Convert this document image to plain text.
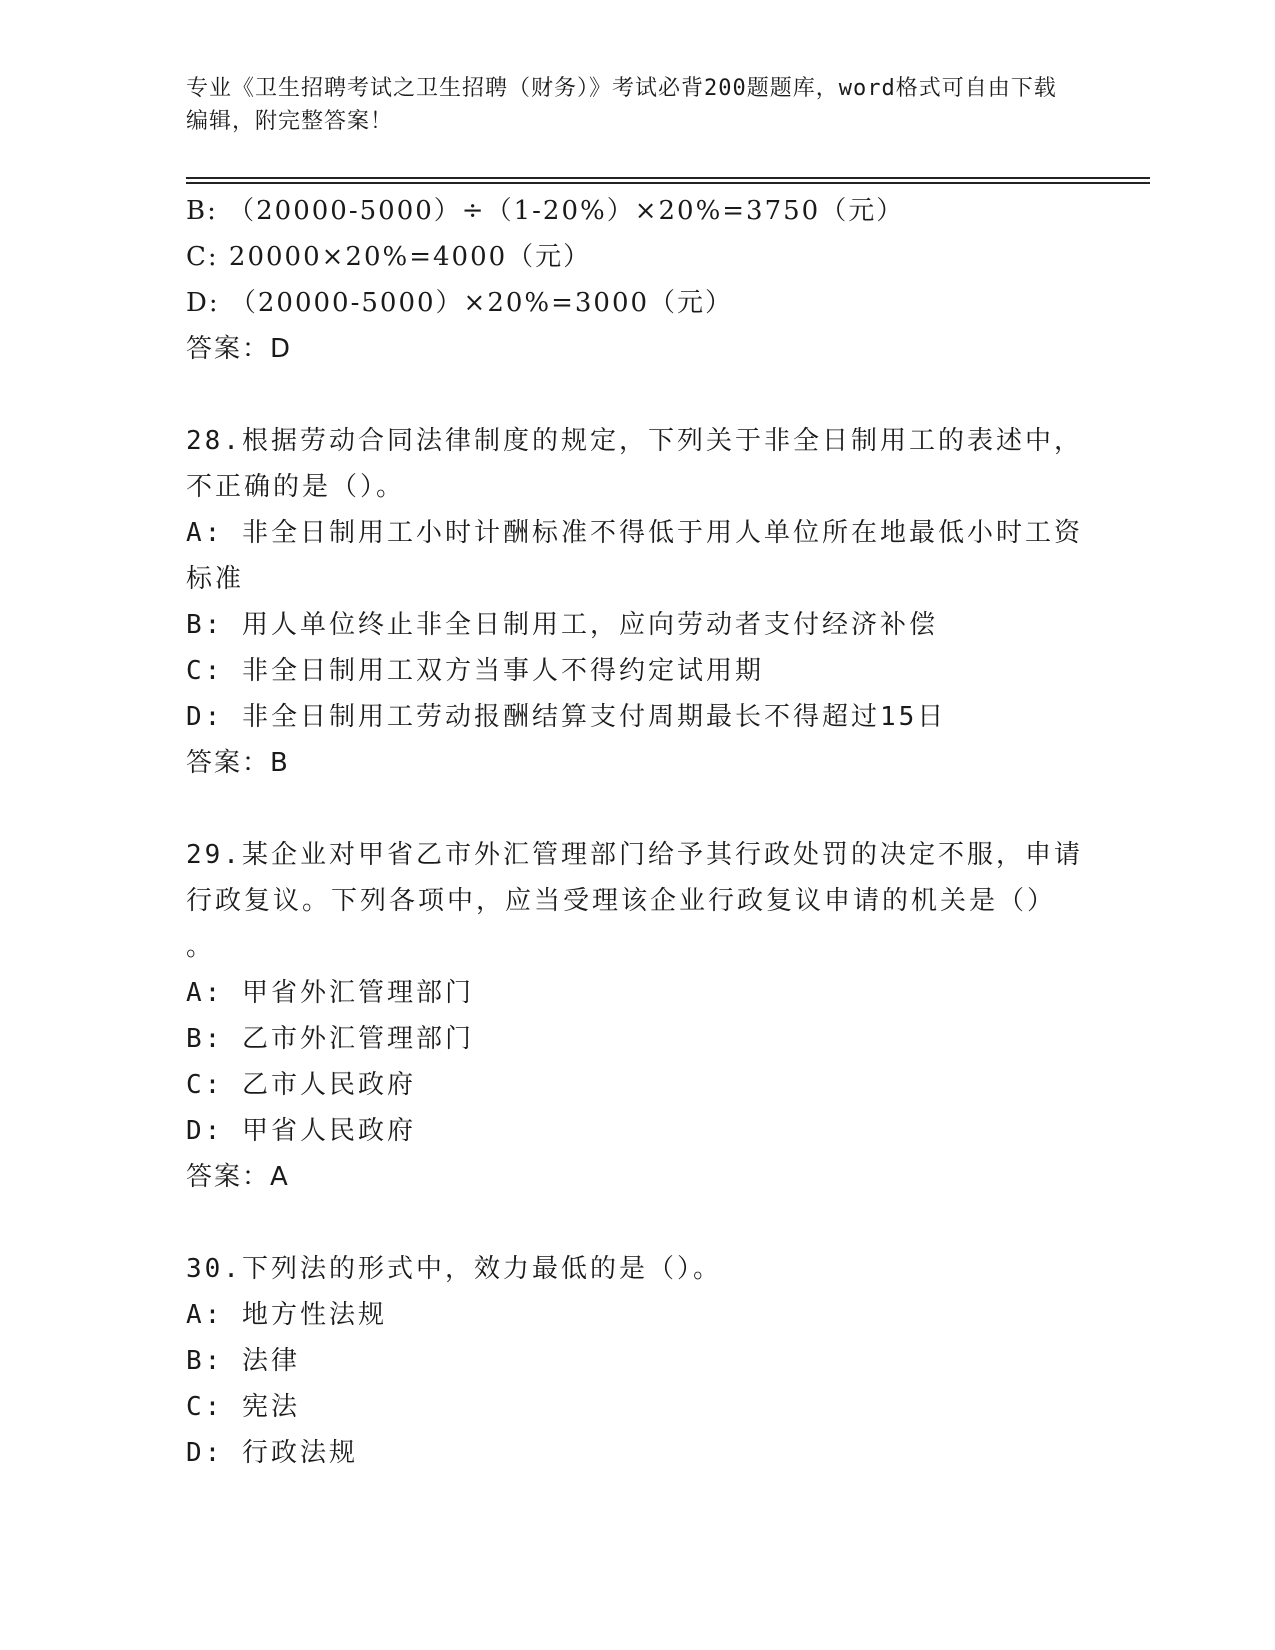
专业《卫生招聘考试之卫生招聘（财务）》考试必背200题题库，word格式可自由下载编辑，附完整答案！
B: （20000-5000）÷（1-20%）×20%=3750（元）
C: 20000×20%=4000（元）
D: （20000-5000）×20%=3000（元）
答案：D
28.根据劳动合同法律制度的规定，下列关于非全日制用工的表述中，
不正确的是（）。
A: 非全日制用工小时计酬标准不得低于用人单位所在地最低小时工资
标准
B: 用人单位终止非全日制用工，应向劳动者支付经济补偿
C: 非全日制用工双方当事人不得约定试用期
D: 非全日制用工劳动报酬结算支付周期最长不得超过15日
答案：B
29.某企业对甲省乙市外汇管理部门给予其行政处罚的决定不服，申请
行政复议。下列各项中，应当受理该企业行政复议申请的机关是（）
。
A: 甲省外汇管理部门
B: 乙市外汇管理部门
C: 乙市人民政府
D: 甲省人民政府
答案：A
30.下列法的形式中，效力最低的是（）。
A: 地方性法规
B: 法律
C: 宪法
D: 行政法规
